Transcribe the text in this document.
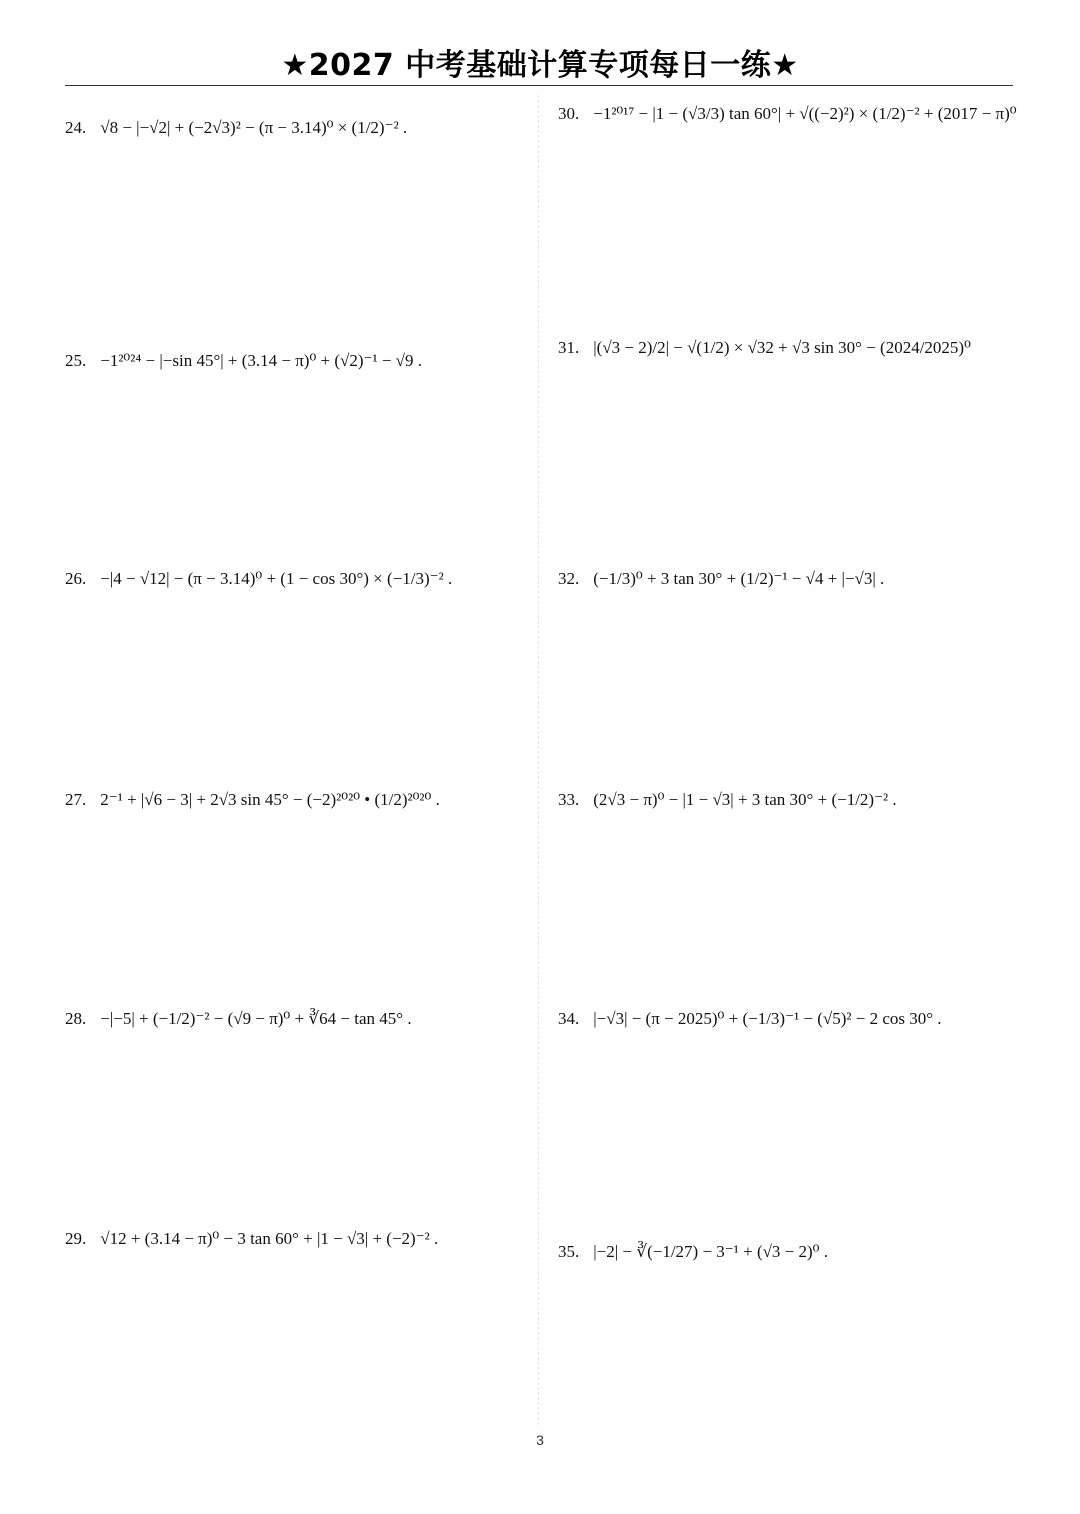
★2027 中考基础计算专项每日一练★
24. √8 − |−√2| + (−2√3)² − (π − 3.14)⁰ × (1/2)⁻² .
25. −1²⁰²⁴ − |−sin 45°| + (3.14 − π)⁰ + (√2)⁻¹ − √9 .
26. −|4 − √12| − (π − 3.14)⁰ + (1 − cos 30°) × (−1/3)⁻² .
27. 2⁻¹ + |√6 − 3| + 2√3 sin 45° − (−2)²⁰²⁰ • (1/2)²⁰²⁰ .
28. −|−5| + (−1/2)⁻² − (√9 − π)⁰ + ∛64 − tan 45° .
29. √12 + (3.14 − π)⁰ − 3 tan 60° + |1 − √3| + (−2)⁻² .
30. −1²⁰¹⁷ − |1 − (√3/3) tan 60°| + √((−2)²) × (1/2)⁻² + (2017 − π)⁰
31. |(√3 − 2)/2| − √(1/2) × √32 + √3 sin 30° − (2024/2025)⁰
32. (−1/3)⁰ + 3 tan 30° + (1/2)⁻¹ − √4 + |−√3| .
33. (2√3 − π)⁰ − |1 − √3| + 3 tan 30° + (−1/2)⁻² .
34. |−√3| − (π − 2025)⁰ + (−1/3)⁻¹ − (√5)² − 2 cos 30° .
35. |−2| − ∛(−1/27) − 3⁻¹ + (√3 − 2)⁰ .
3
